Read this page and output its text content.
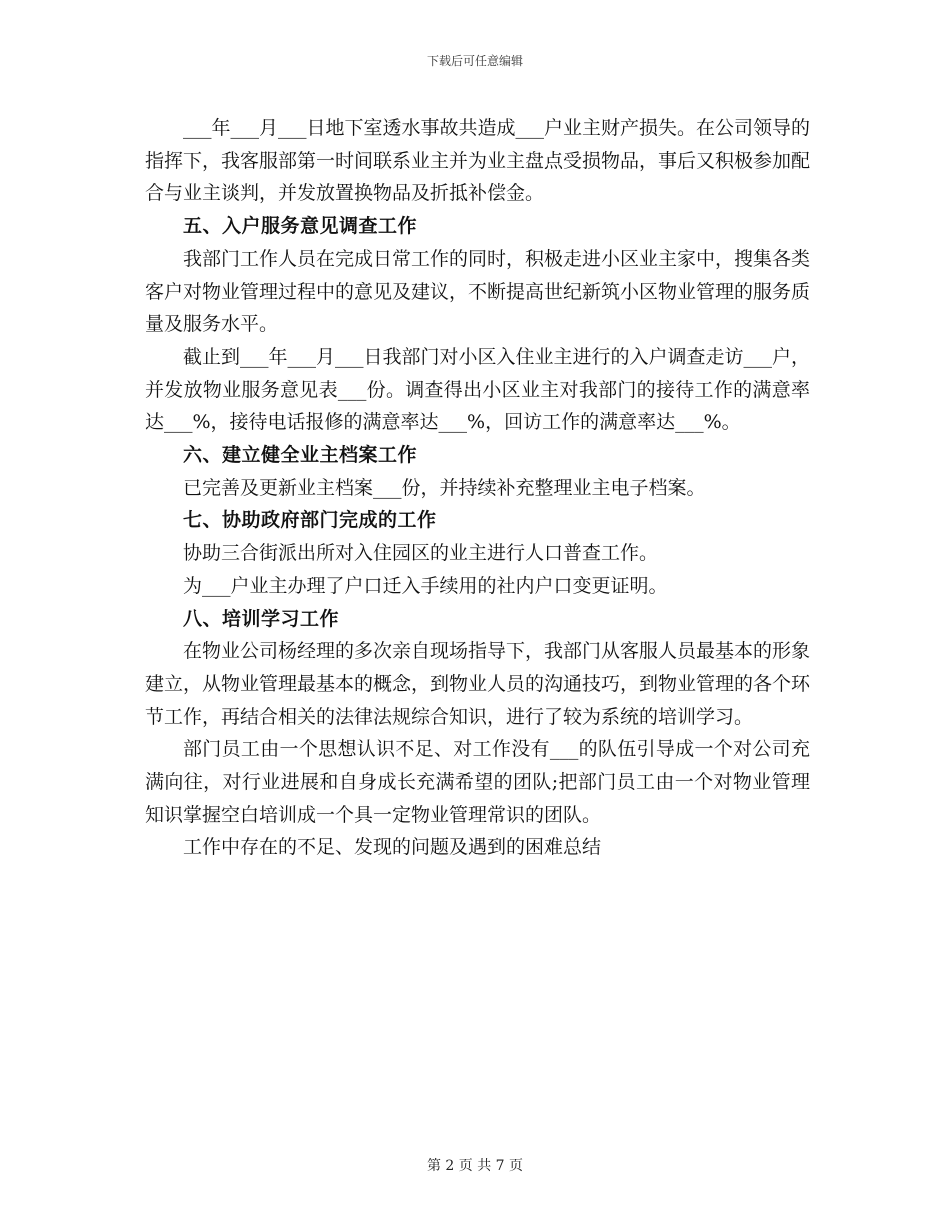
下载后可任意编辑

___年___月___日地下室透水事故共造成___户业主财产损失。在公司领导的指挥下，我客服部第一时间联系业主并为业主盘点受损物品，事后又积极参加配合与业主谈判，并发放置换物品及折抵补偿金。

五、入户服务意见调查工作

我部门工作人员在完成日常工作的同时，积极走进小区业主家中，搜集各类客户对物业管理过程中的意见及建议，不断提高世纪新筑小区物业管理的服务质量及服务水平。

截止到___年___月___日我部门对小区入住业主进行的入户调查走访___户，并发放物业服务意见表___份。调查得出小区业主对我部门的接待工作的满意率达___%，接待电话报修的满意率达___%，回访工作的满意率达___%。

六、建立健全业主档案工作

已完善及更新业主档案___份，并持续补充整理业主电子档案。

七、协助政府部门完成的工作

协助三合街派出所对入住园区的业主进行人口普查工作。

为___户业主办理了户口迁入手续用的社内户口变更证明。

八、培训学习工作

在物业公司杨经理的多次亲自现场指导下，我部门从客服人员最基本的形象建立，从物业管理最基本的概念，到物业人员的沟通技巧，到物业管理的各个环节工作，再结合相关的法律法规综合知识，进行了较为系统的培训学习。

部门员工由一个思想认识不足、对工作没有___的队伍引导成一个对公司充满向往，对行业进展和自身成长充满希望的团队;把部门员工由一个对物业管理知识掌握空白培训成一个具一定物业管理常识的团队。

工作中存在的不足、发现的问题及遇到的困难总结

第 2 页 共 7 页
